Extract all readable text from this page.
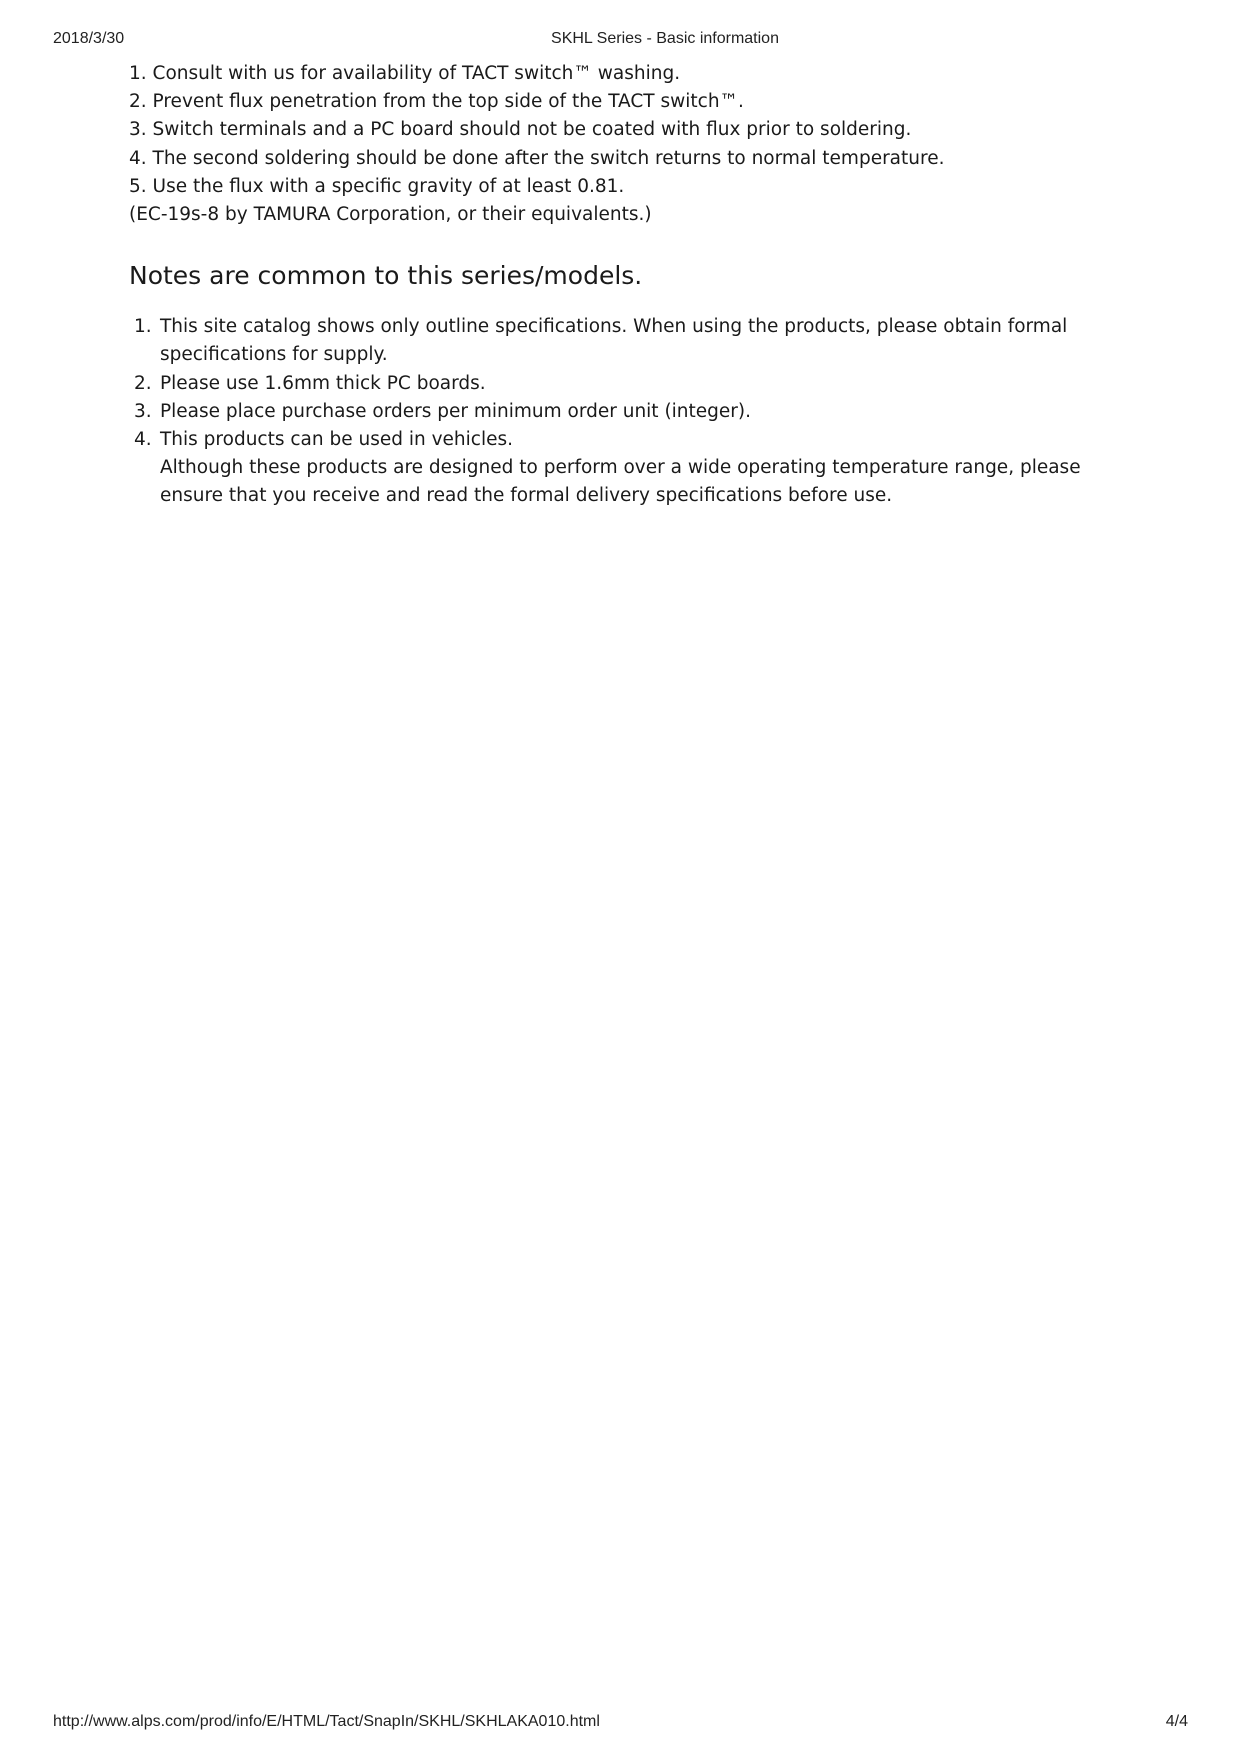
2018/3/30	SKHL Series - Basic information
1. Consult with us for availability of TACT switch™ washing.
2. Prevent flux penetration from the top side of the TACT switch™.
3. Switch terminals and a PC board should not be coated with flux prior to soldering.
4. The second soldering should be done after the switch returns to normal temperature.
5. Use the flux with a specific gravity of at least 0.81.
(EC-19s-8 by TAMURA Corporation, or their equivalents.)
Notes are common to this series/models.
1. This site catalog shows only outline specifications. When using the products, please obtain formal specifications for supply.
2. Please use 1.6mm thick PC boards.
3. Please place purchase orders per minimum order unit (integer).
4. This products can be used in vehicles.
Although these products are designed to perform over a wide operating temperature range, please ensure that you receive and read the formal delivery specifications before use.
http://www.alps.com/prod/info/E/HTML/Tact/SnapIn/SKHL/SKHLAKA010.html	4/4
